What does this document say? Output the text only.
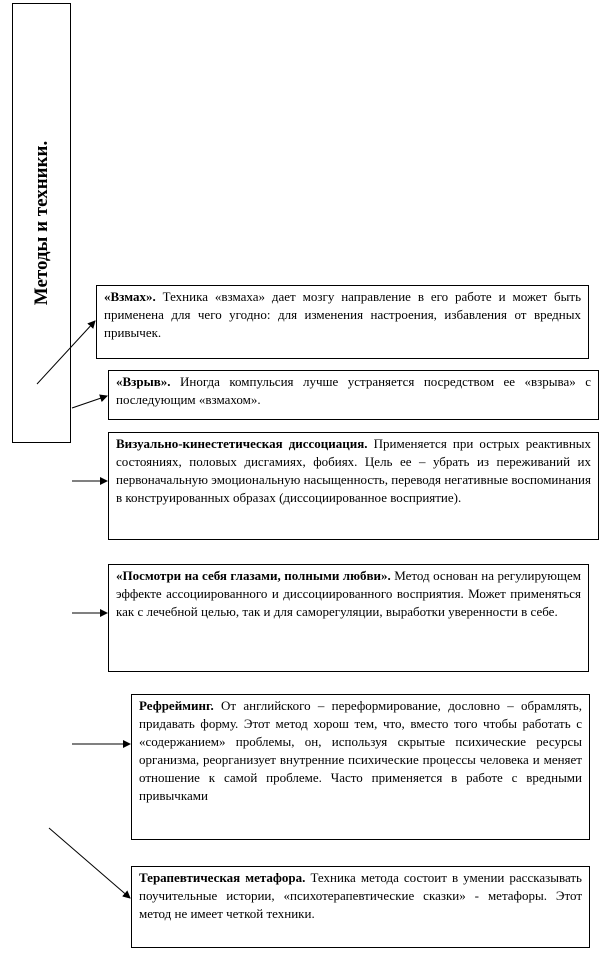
Методы и техники.	«Взмах». Техника «взмаха» дает мозгу направление в его работе и может быть применена для чего угодно: для изменения настроения, избавления от вредных привычек.
«Взрыв». Иногда компульсия лучше устраняется посредством ее «взрыва» с последующим «взмахом».
Визуально-кинестетическая диссоциация. Применяется при острых реактивных состояниях, половых дисгамиях, фобиях. Цель ее – убрать из переживаний их первоначальную эмоциональную насыщенность, переводя негативные воспоминания в конструированных образах (диссоциированное восприятие).
«Посмотри на себя глазами, полными любви». Метод основан на регулирующем эффекте ассоциированного и диссоциированного восприятия. Может применяться как с лечебной целью, так и для саморегуляции, выработки уверенности в себе.
Рефрейминг. От английского – переформирование, дословно – обрамлять, придавать форму. Этот метод хорош тем, что, вместо того чтобы работать с «содержанием» проблемы, он, используя скрытые психические ресурсы организма, реорганизует внутренние психические процессы человека и меняет отношение к самой проблеме. Часто применяется в работе с вредными привычками
Терапевтическая метафора. Техника метода состоит в умении рассказывать поучительные истории, «психотерапевтические сказки» - метафоры. Этот метод не имеет четкой техники.
